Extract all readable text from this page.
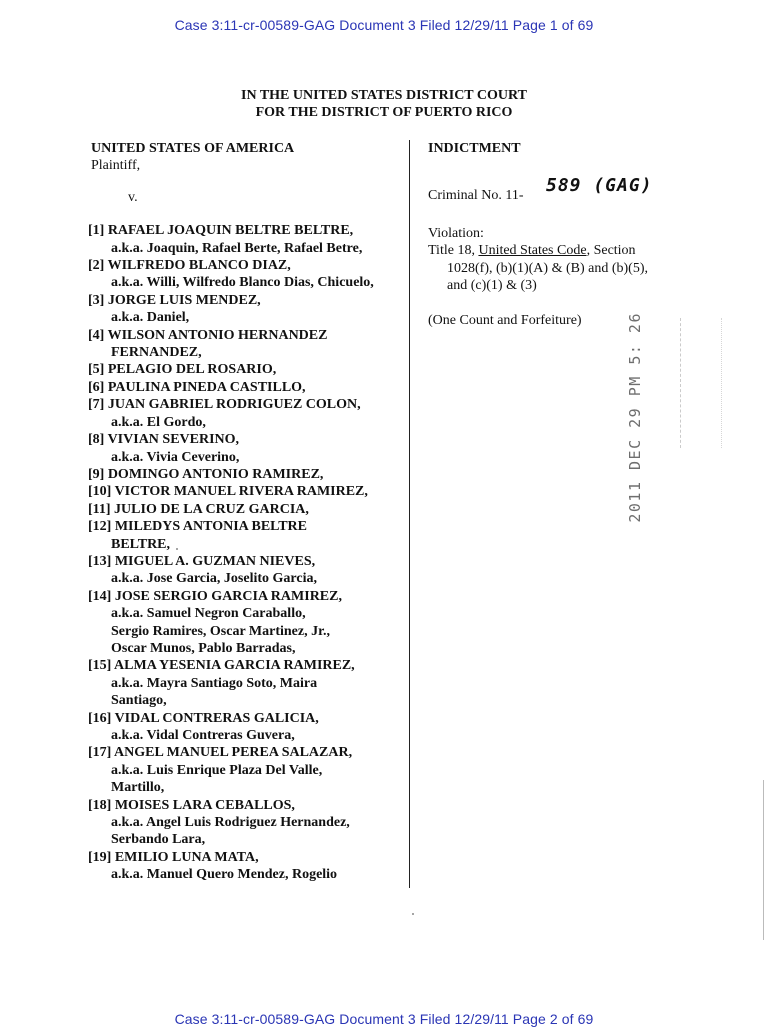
Case 3:11-cr-00589-GAG Document 3 Filed 12/29/11 Page 1 of 69
IN THE UNITED STATES DISTRICT COURT
FOR THE DISTRICT OF PUERTO RICO
UNITED STATES OF AMERICA
Plaintiff,
v.
[1] RAFAEL JOAQUIN BELTRE BELTRE,
a.k.a. Joaquin, Rafael Berte, Rafael Betre,
[2] WILFREDO BLANCO DIAZ,
a.k.a. Willi, Wilfredo Blanco Dias, Chicuelo,
[3] JORGE LUIS MENDEZ,
a.k.a. Daniel,
[4] WILSON ANTONIO HERNANDEZ
FERNANDEZ,
[5] PELAGIO DEL ROSARIO,
[6] PAULINA PINEDA CASTILLO,
[7] JUAN GABRIEL RODRIGUEZ COLON,
a.k.a. El Gordo,
[8] VIVIAN SEVERINO,
a.k.a. Vivia Ceverino,
[9] DOMINGO ANTONIO RAMIREZ,
[10] VICTOR MANUEL RIVERA RAMIREZ,
[11] JULIO DE LA CRUZ GARCIA,
[12] MILEDYS ANTONIA BELTRE
BELTRE,
[13] MIGUEL A. GUZMAN NIEVES,
a.k.a. Jose Garcia, Joselito Garcia,
[14] JOSE SERGIO GARCIA RAMIREZ,
a.k.a. Samuel Negron Caraballo,
Sergio Ramires, Oscar Martinez, Jr.,
Oscar Munos, Pablo Barradas,
[15] ALMA YESENIA GARCIA RAMIREZ,
a.k.a. Mayra Santiago Soto, Maira
Santiago,
[16] VIDAL CONTRERAS GALICIA,
a.k.a. Vidal Contreras Guvera,
[17] ANGEL MANUEL PEREA SALAZAR,
a.k.a. Luis Enrique Plaza Del Valle,
Martillo,
[18] MOISES LARA CEBALLOS,
a.k.a. Angel Luis Rodriguez Hernandez,
Serbando Lara,
[19] EMILIO LUNA MATA,
a.k.a. Manuel Quero Mendez, Rogelio
INDICTMENT
Criminal No. 11- 589 (GAG)
Violation:
Title 18, United States Code, Section
1028(f), (b)(1)(A) & (B) and (b)(5),
and (c)(1) & (3)
(One Count and Forfeiture)	2011 DEC 29 PM 5: 26
Case 3:11-cr-00589-GAG Document 3 Filed 12/29/11 Page 2 of 69
